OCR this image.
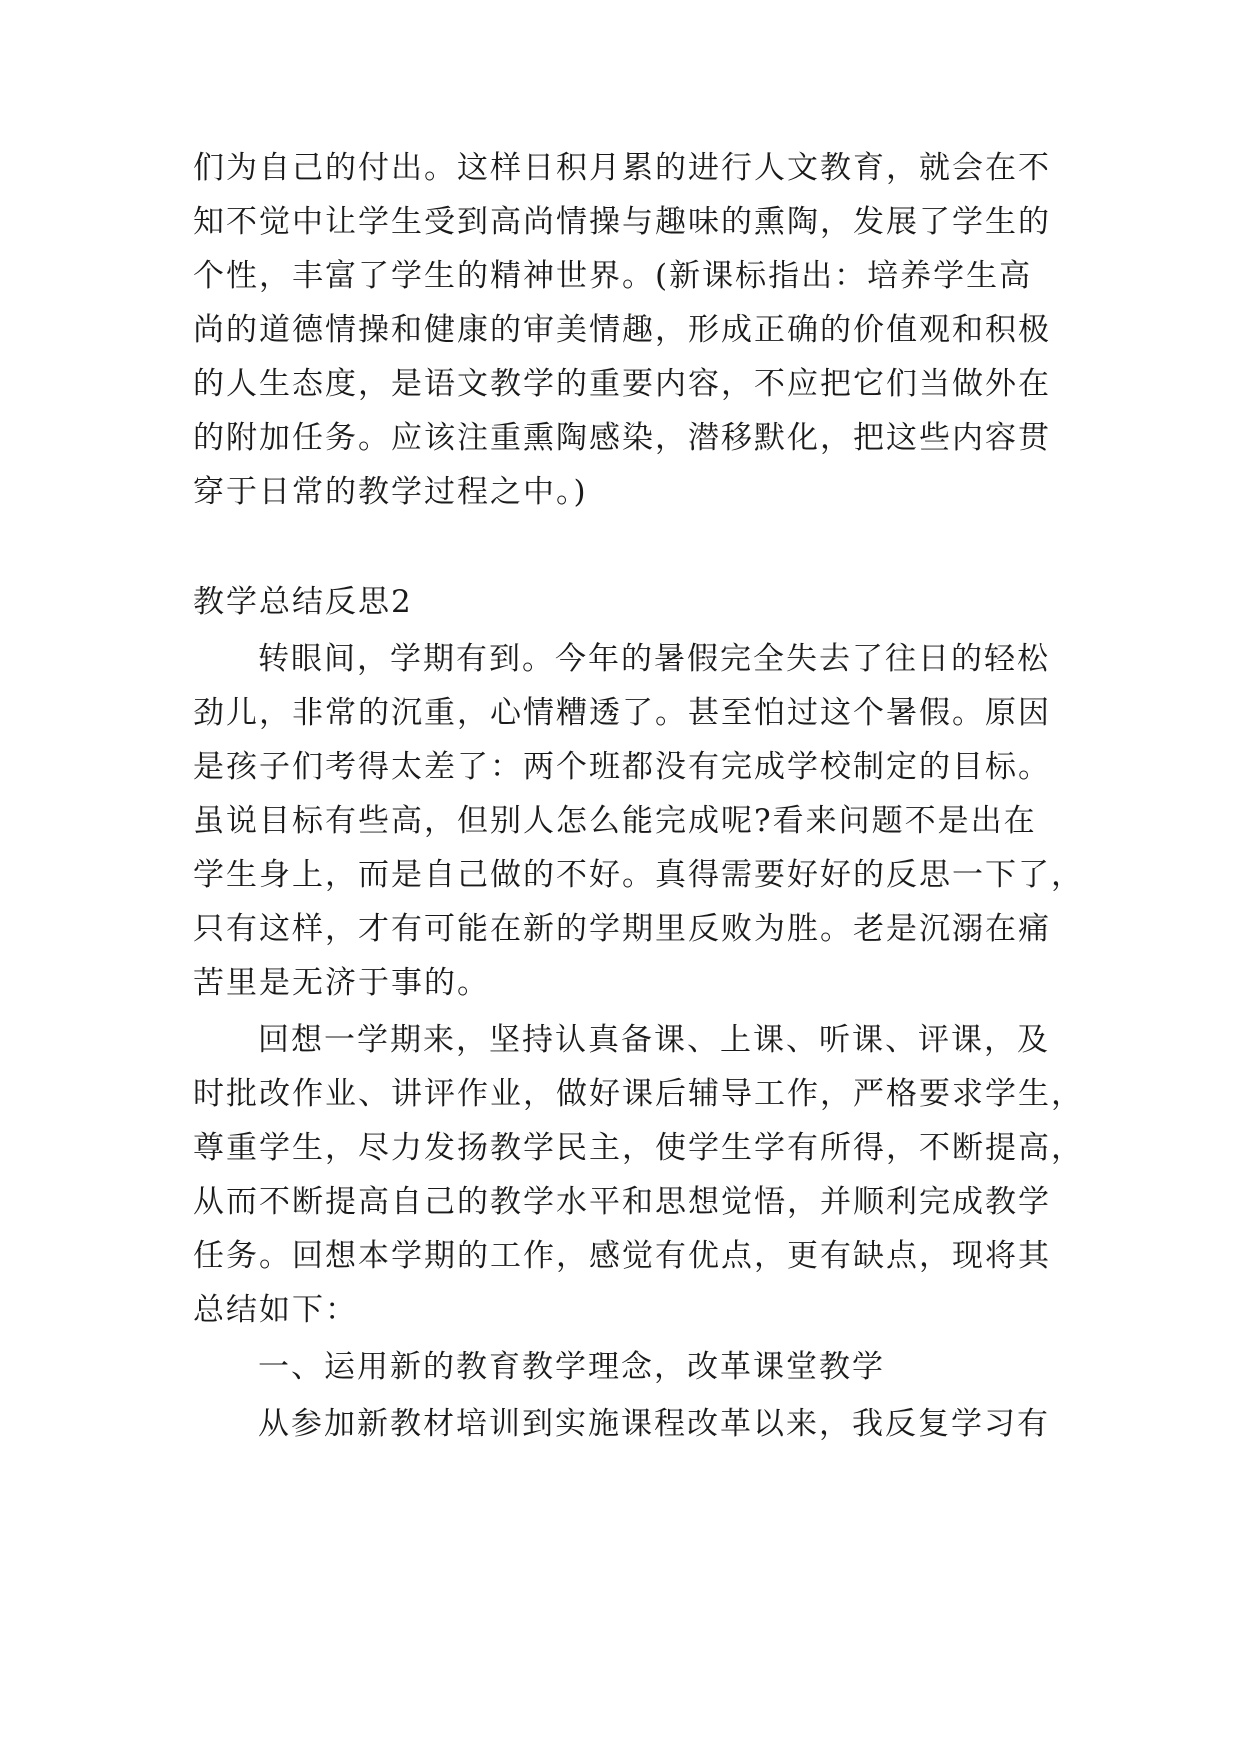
们为自己的付出。这样日积月累的进行人文教育，就会在不
知不觉中让学生受到高尚情操与趣味的熏陶，发展了学生的
个性，丰富了学生的精神世界。(新课标指出：培养学生高
尚的道德情操和健康的审美情趣，形成正确的价值观和积极
的人生态度，是语文教学的重要内容，不应把它们当做外在
的附加任务。应该注重熏陶感染，潜移默化，把这些内容贯
穿于日常的教学过程之中。)
教学总结反思2
转眼间，学期有到。今年的暑假完全失去了往日的轻松
劲儿，非常的沉重，心情糟透了。甚至怕过这个暑假。原因
是孩子们考得太差了：两个班都没有完成学校制定的目标。
虽说目标有些高，但别人怎么能完成呢?看来问题不是出在
学生身上，而是自己做的不好。真得需要好好的反思一下了，
只有这样，才有可能在新的学期里反败为胜。老是沉溺在痛
苦里是无济于事的。
回想一学期来，坚持认真备课、上课、听课、评课，及
时批改作业、讲评作业，做好课后辅导工作，严格要求学生，
尊重学生，尽力发扬教学民主，使学生学有所得，不断提高，
从而不断提高自己的教学水平和思想觉悟，并顺利完成教学
任务。回想本学期的工作，感觉有优点，更有缺点，现将其
总结如下：
一、运用新的教育教学理念，改革课堂教学
从参加新教材培训到实施课程改革以来，我反复学习有
